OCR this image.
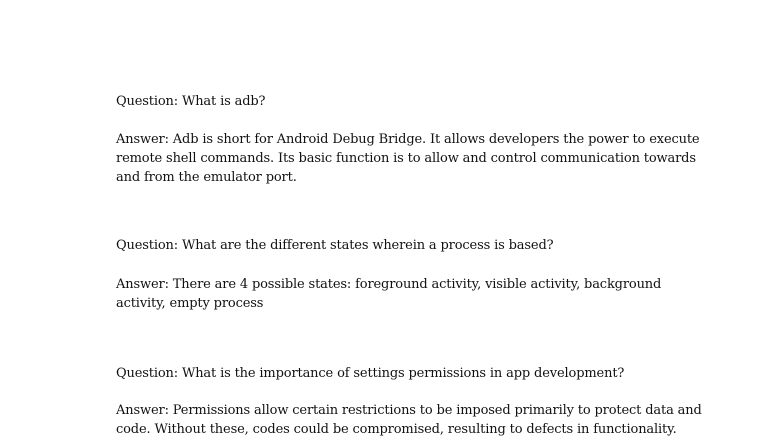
Question: What is adb?
Answer: Adb is short for Android Debug Bridge. It allows developers the power to execute
remote shell commands. Its basic function is to allow and control communication towards
and from the emulator port.
Question: What are the different states wherein a process is based?
Answer: There are 4 possible states: foreground activity, visible activity, background
activity, empty process
Question: What is the importance of settings permissions in app development?
Answer: Permissions allow certain restrictions to be imposed primarily to protect data and
code. Without these, codes could be compromised, resulting to defects in functionality.
